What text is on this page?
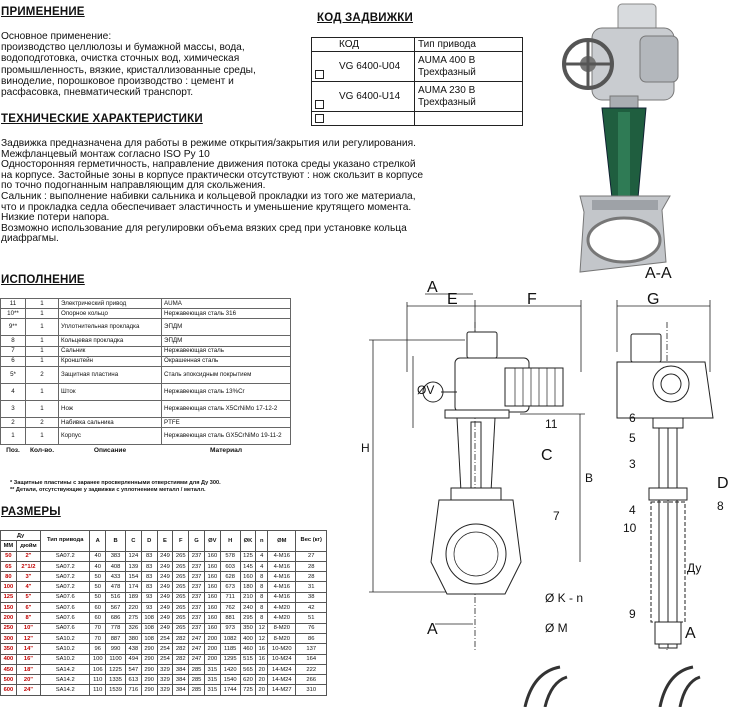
ПРИМЕНЕНИЕ
Основное применение:
производство целлюлозы и бумажной массы, вода,
водоподготовка, очистка сточных вод, химическая
промышленность, вязкие, кристаллизованные среды,
виноделие, порошковое производство : цемент и
расфасовка, пневматический транспорт.
КОД ЗАДВИЖКИ
	КОД	Тип привода
	VG 6400-U04	AUMA 400 В Трехфазный
	VG 6400-U14	AUMA 230 В Трехфазный

ТЕХНИЧЕСКИЕ ХАРАКТЕРИСТИКИ
Задвижка предназначена для работы в режиме открытия/закрытия или регулирования.
Межфланцевый монтаж согласно ISO Py 10
Односторонняя герметичность, направление движения потока среды указано стрелкой
на корпусе. Застойные зоны в корпусе практически отсутствуют : нож скользит в корпусе
по точно подогнанным направляющим для скольжения.
Сальник : выполнение набивки сальника и кольцевой прокладки из того же материала,
что и прокладка седла обеспечивает эластичность и уменьшение крутящего момента.
Низкие потери напора.
Возможно использование для регулировки объема вязких сред при установке кольца
диафрагмы.
ИСПОЛНЕНИЕ
11	1	Электрический привод	AUMA
10**	1	Опорное кольцо	Нержавеющая сталь 316
9**	1	Уплотнительная прокладка	ЭПДМ
8	1	Кольцевая прокладка	ЭПДМ
7	1	Сальник	Нержавеющая сталь
6	1	Кронштейн	Окрашенная сталь
5*	2	Защитная пластина	Сталь эпоксидным покрытием
4	1	Шток	Нержавеющая сталь 13%Cr
3	1	Нож	Нержавеющая сталь X5CrNiMo 17-12-2
2	2	Набивка сальника	PTFE
1	1	Корпус	Нержавеющая сталь GX5CrNiMo 19-11-2
Поз.	Кол-во.	Описание	Материал
* Защитные пластины с заранее просверленными отверстиями для Ду 300.
** Детали, отсутствующие у задвижки с уплотнением металл / металл.
РАЗМЕРЫ
Ду		Тип привода	A	B	C	D	E	F	G	ØV	H	ØK	n	ØM	Вес (кг)
ММ	дюйм														
50	2"	SA07.2	40	383	124	83	249	265	237	160	578	125	4	4-M16	27
65	2"1/2	SA07.2	40	408	139	83	249	265	237	160	603	145	4	4-M16	28
80	3"	SA07.2	50	433	154	83	249	265	237	160	628	160	8	4-M16	28
100	4"	SA07.2	50	478	174	83	249	265	237	160	673	180	8	4-M16	31
125	5"	SA07.6	50	516	189	93	249	265	237	160	711	210	8	4-M16	38
150	6"	SA07.6	60	567	220	93	249	265	237	160	762	240	8	4-M20	42
200	8"	SA07.6	60	686	275	108	249	265	237	160	881	295	8	4-M20	51
250	10"	SA07.6	70	778	326	108	249	265	237	160	973	350	12	8-M20	76
300	12"	SA10.2	70	887	380	108	254	282	247	200	1082	400	12	8-M20	86
350	14"	SA10.2	96	990	438	290	254	282	247	200	1185	460	16	10-M20	137
400	16"	SA10.2	100	1100	494	290	254	282	247	200	1295	515	16	10-M24	164
450	18"	SA14.2	106	1225	547	290	329	384	285	315	1420	565	20	14-M24	222
500	20"	SA14.2	110	1335	613	290	329	384	285	315	1540	620	20	14-M24	266
600	24"	SA14.2	110	1539	716	290	329	384	285	315	1744	725	20	14-M27	310
A
A
A-A
E	F	G
C
D
A
H
B
ØV
Ø K - n
Ø M
Ду
11
7
6
5
3
4
10
9
8
